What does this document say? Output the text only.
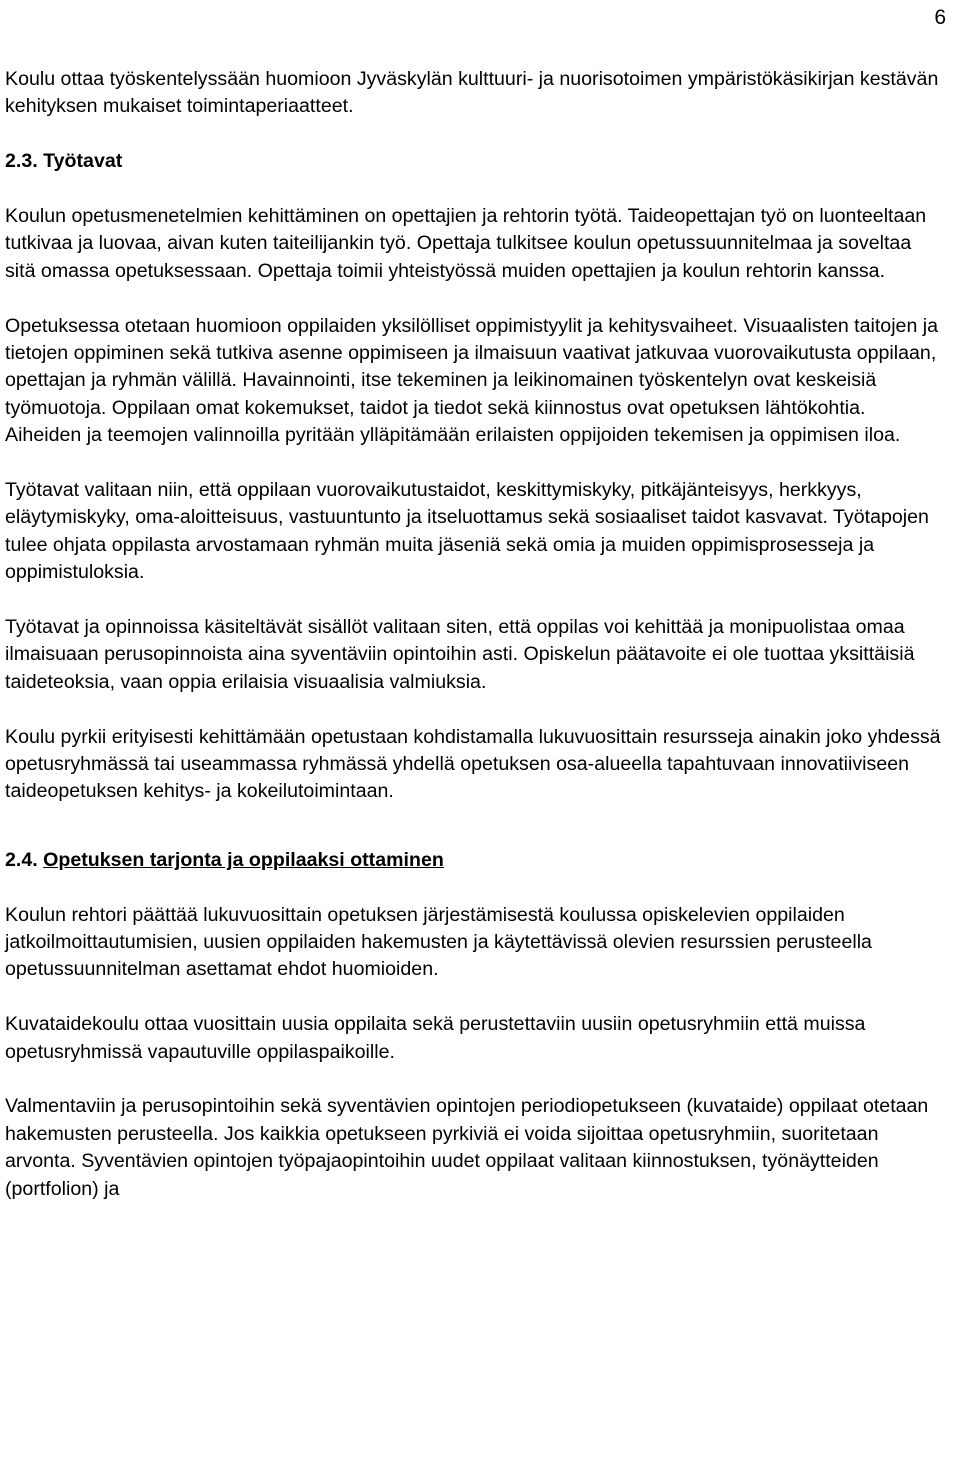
6

Koulu ottaa työskentelyssään huomioon Jyväskylän kulttuuri- ja nuorisotoimen ympäristökäsikirjan kestävän kehityksen mukaiset toimintaperiaatteet.

2.3. Työtavat

Koulun opetusmenetelmien kehittäminen on opettajien ja rehtorin työtä. Taideopettajan työ on luonteeltaan tutkivaa ja luovaa, aivan kuten taiteilijankin työ. Opettaja tulkitsee koulun opetussuunnitelmaa ja soveltaa sitä omassa opetuksessaan. Opettaja toimii yhteistyössä muiden opettajien ja koulun rehtorin kanssa.

Opetuksessa otetaan huomioon oppilaiden yksilölliset oppimistyylit ja kehitysvaiheet. Visuaalisten taitojen ja tietojen oppiminen sekä tutkiva asenne oppimiseen ja ilmaisuun vaativat jatkuvaa vuorovaikutusta oppilaan, opettajan ja ryhmän välillä. Havainnointi, itse tekeminen ja leikinomainen työskentelyn ovat keskeisiä työmuotoja. Oppilaan omat kokemukset, taidot ja tiedot sekä kiinnostus ovat opetuksen lähtökohtia. Aiheiden ja teemojen valinnoilla pyritään ylläpitämään erilaisten oppijoiden tekemisen ja oppimisen iloa.

Työtavat valitaan niin, että oppilaan vuorovaikutustaidot, keskittymiskyky, pitkäjänteisyys, herkkyys, eläytymiskyky, oma-aloitteisuus, vastuuntunto ja itseluottamus sekä sosiaaliset taidot kasvavat. Työtapojen tulee ohjata oppilasta arvostamaan ryhmän muita jäseniä sekä omia ja muiden oppimisprosesseja ja oppimistuloksia.

Työtavat ja opinnoissa käsiteltävät sisällöt valitaan siten, että oppilas voi kehittää ja monipuolistaa omaa ilmaisuaan perusopinnoista aina syventäviin opintoihin asti. Opiskelun päätavoite ei ole tuottaa yksittäisiä taideteoksia, vaan oppia erilaisia visuaalisia valmiuksia.

Koulu pyrkii erityisesti kehittämään opetustaan kohdistamalla lukuvuosittain resursseja ainakin joko yhdessä opetusryhmässä tai useammassa ryhmässä yhdellä opetuksen osa-alueella tapahtuvaan innovatiiviseen taideopetuksen kehitys- ja kokeilutoimintaan.

2.4. Opetuksen tarjonta ja oppilaaksi ottaminen

Koulun rehtori päättää lukuvuosittain opetuksen järjestämisestä koulussa opiskelevien oppilaiden jatkoilmoittautumisien, uusien oppilaiden hakemusten ja käytettävissä olevien resurssien perusteella opetussuunnitelman asettamat ehdot huomioiden.

Kuvataidekoulu ottaa vuosittain uusia oppilaita sekä perustettaviin uusiin opetusryhmiin että muissa opetusryhmissä vapautuville oppilaspaikoille.

Valmentaviin ja perusopintoihin sekä syventävien opintojen periodiopetukseen (kuvataide) oppilaat otetaan hakemusten perusteella. Jos kaikkia opetukseen pyrkiviä ei voida sijoittaa opetusryhmiin, suoritetaan arvonta. Syventävien opintojen työpajaopintoihin uudet oppilaat valitaan kiinnostuksen, työnäytteiden (portfolion) ja
